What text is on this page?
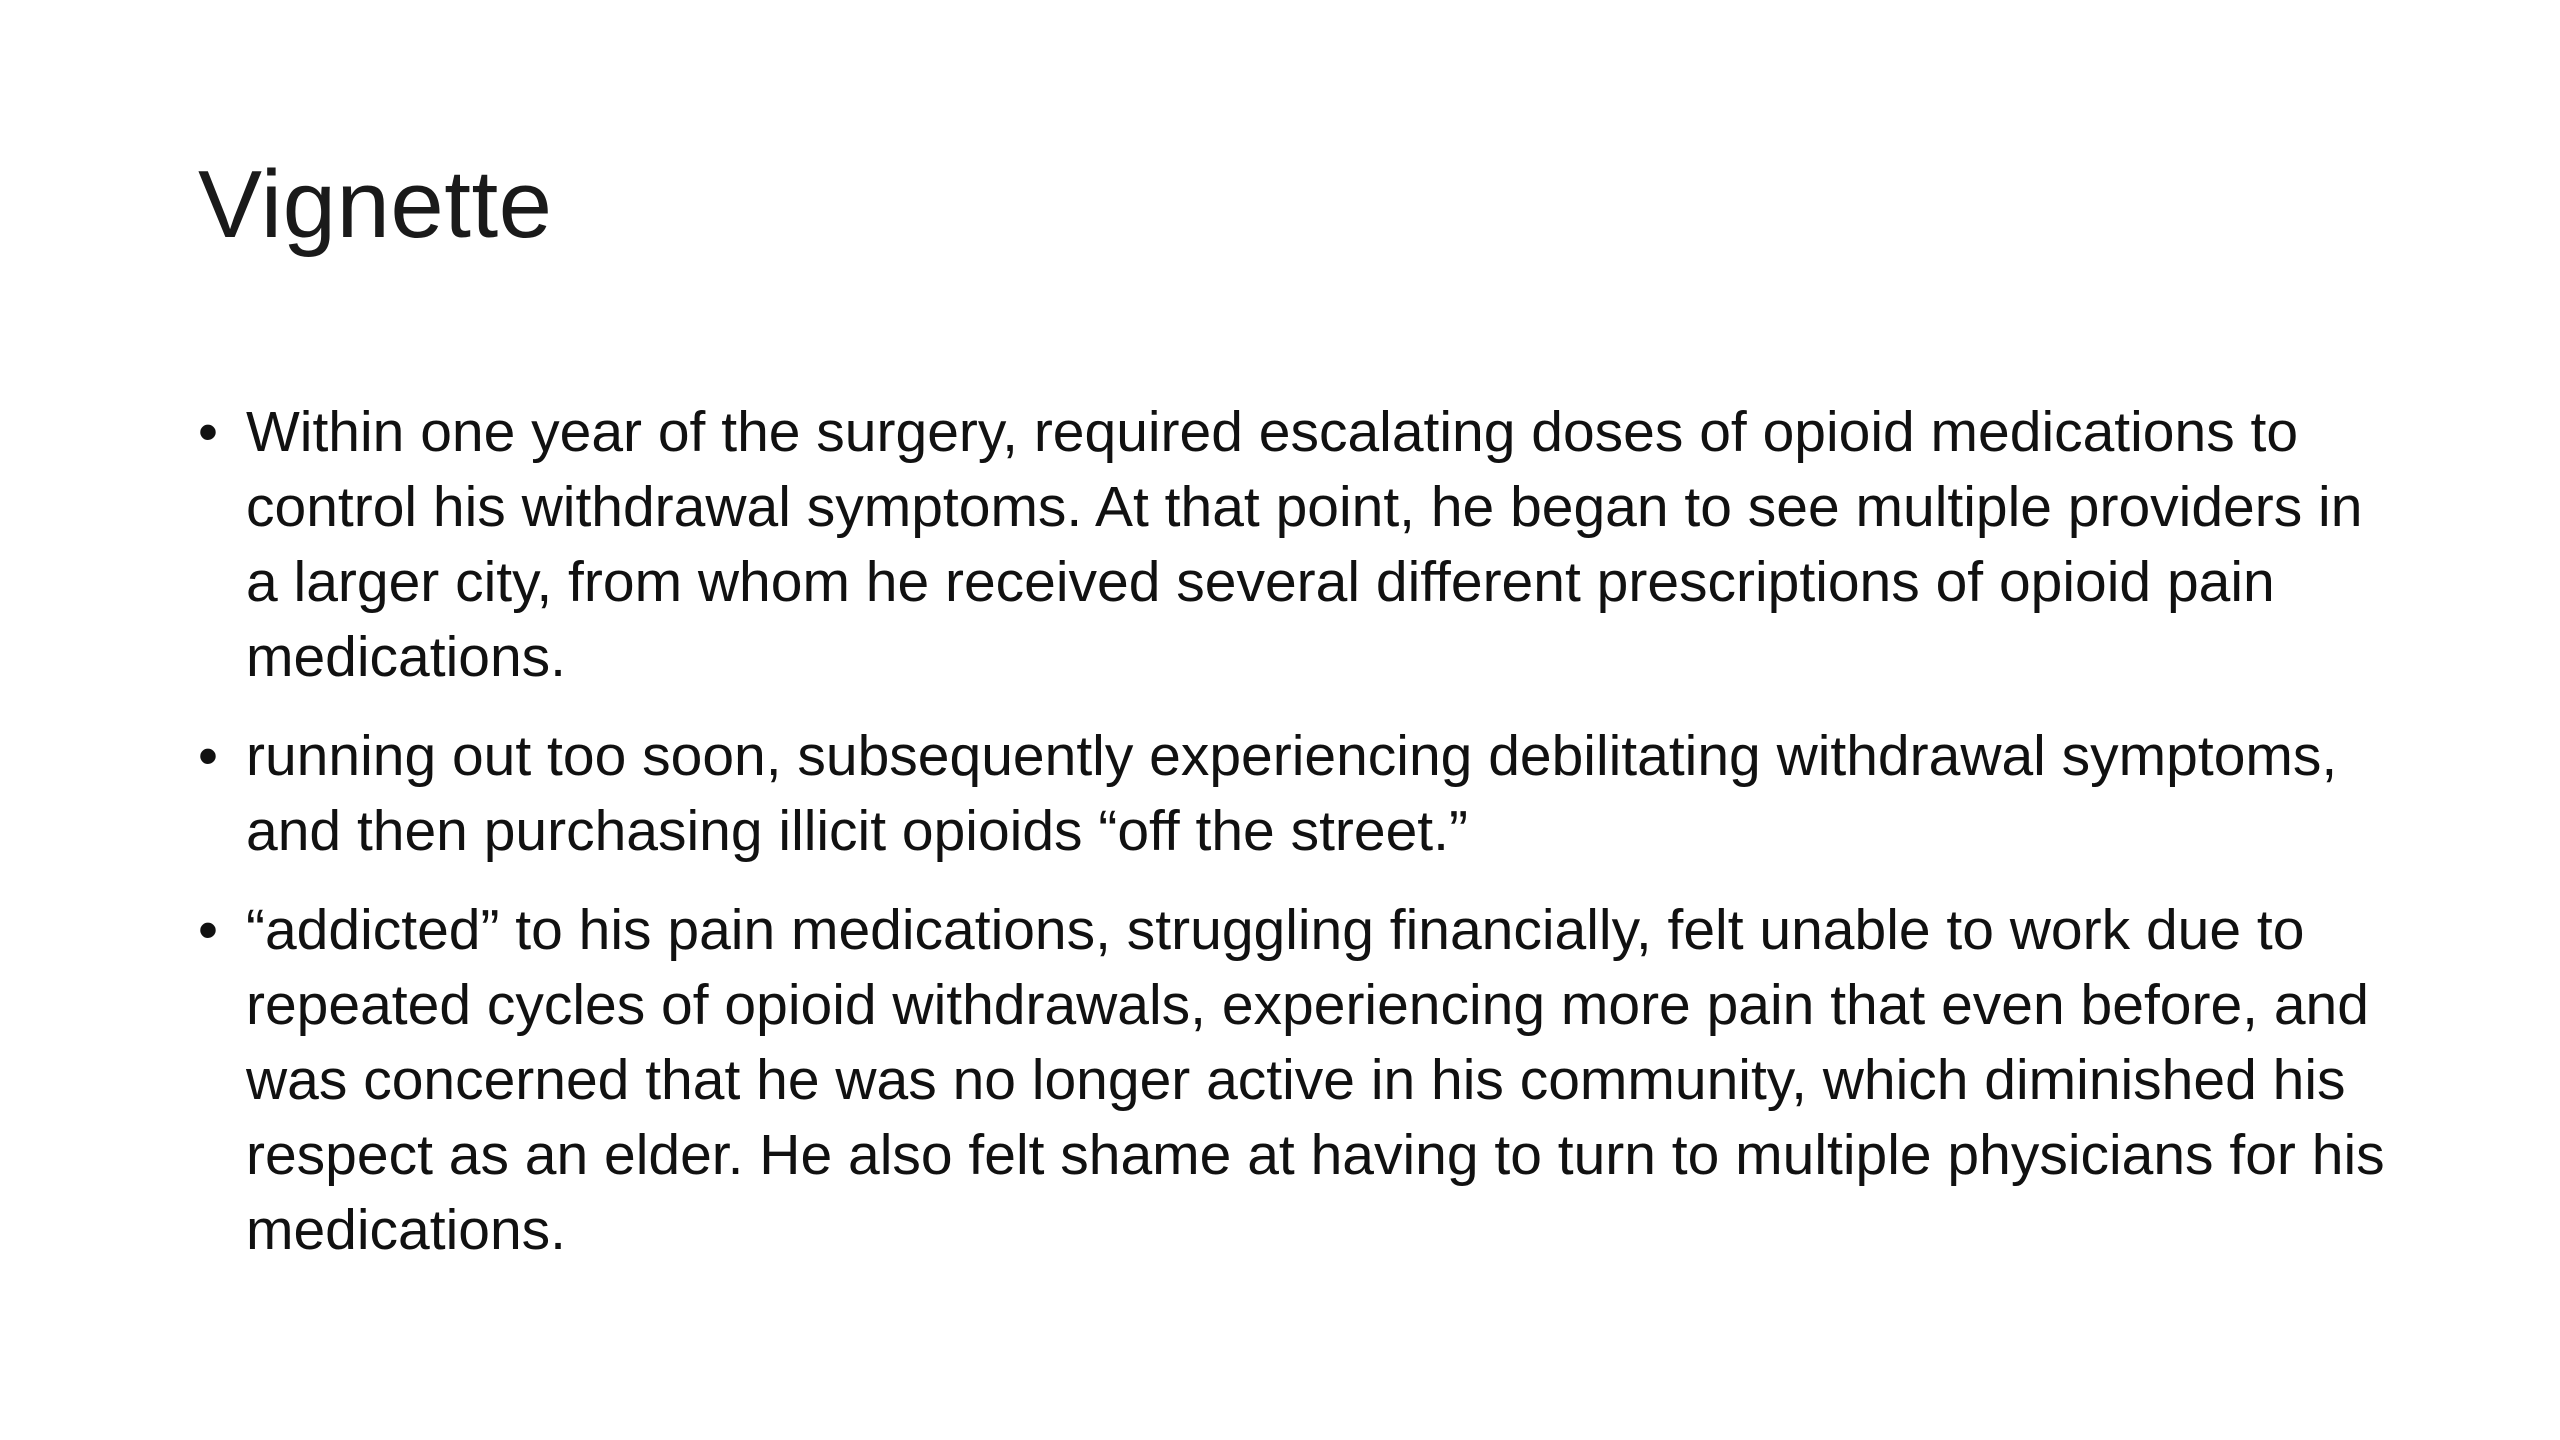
Vignette
• Within one year of the surgery, required escalating doses of opioid medications to control his withdrawal symptoms. At that point, he began to see multiple providers in a larger city, from whom he received several different prescriptions of opioid pain medications.
• running out too soon, subsequently experiencing debilitating withdrawal symptoms, and then purchasing illicit opioids “off the street.”
• “addicted” to his pain medications, struggling financially, felt unable to work due to repeated cycles of opioid withdrawals, experiencing more pain that even before, and was concerned that he was no longer active in his community, which diminished his respect as an elder. He also felt shame at having to turn to multiple physicians for his medications.
